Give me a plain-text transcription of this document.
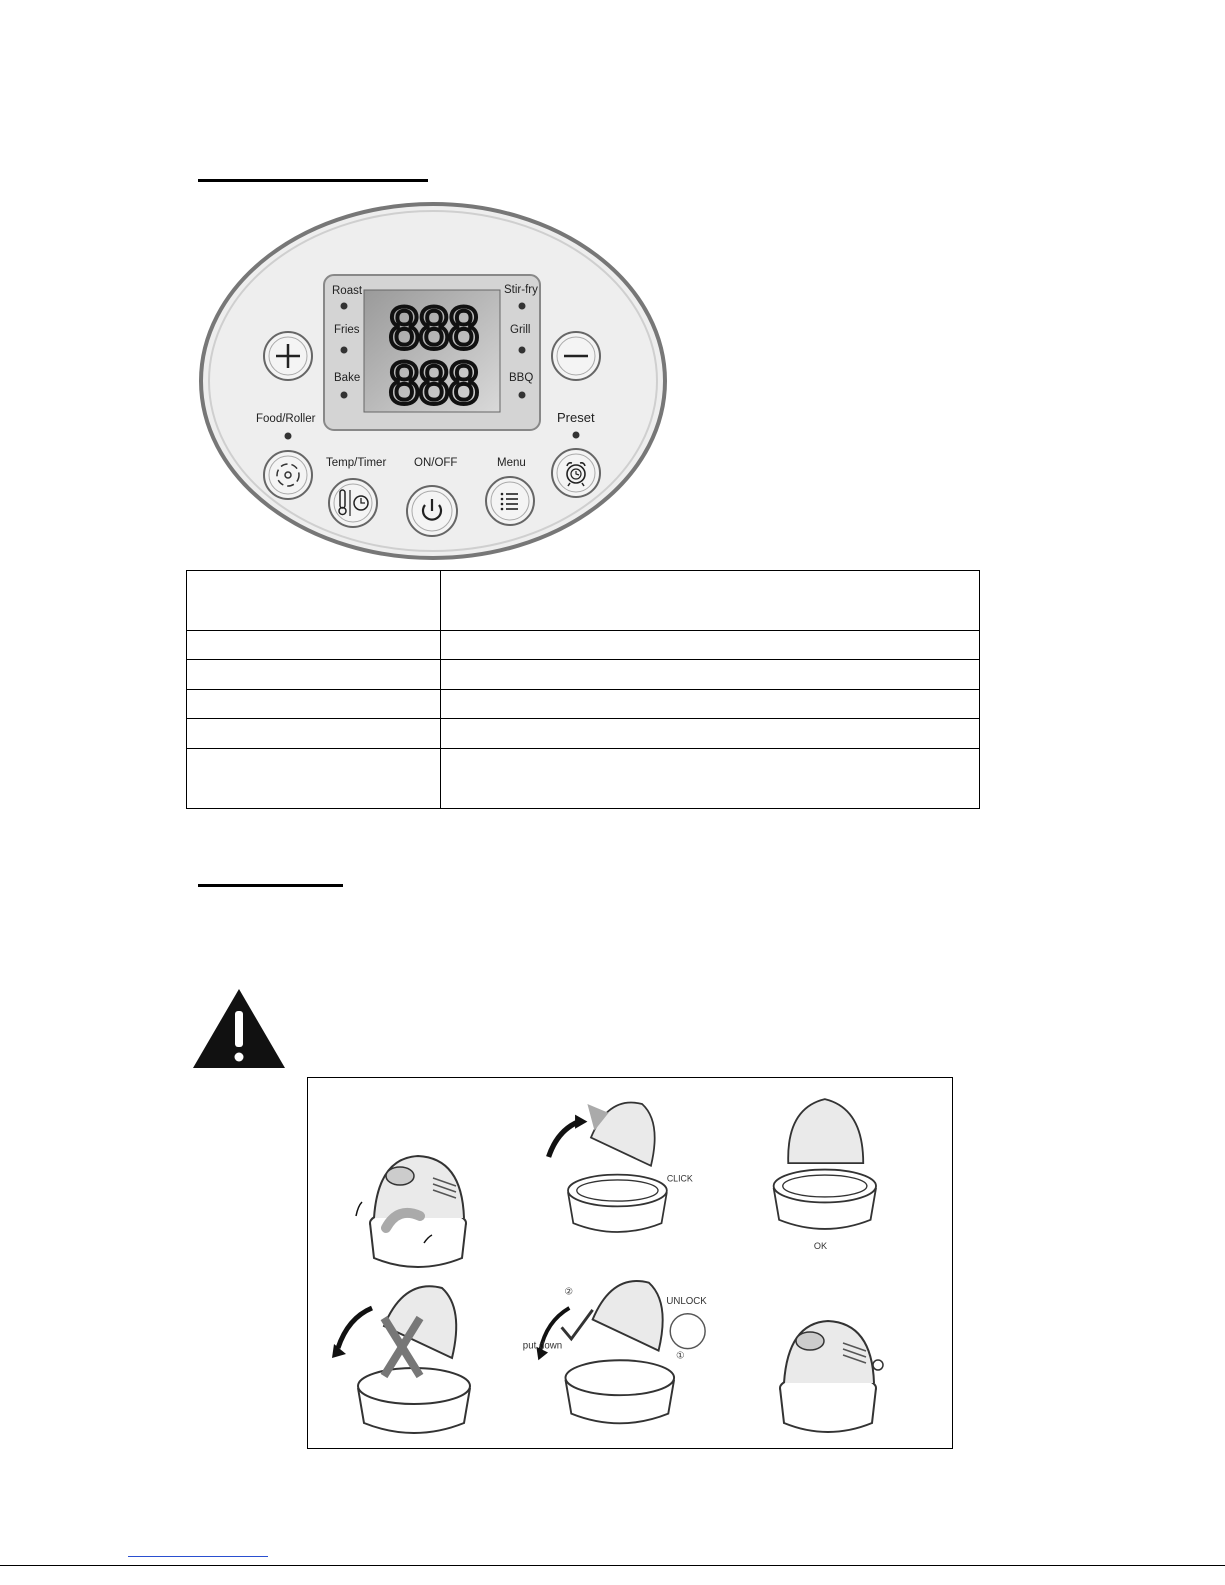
Roast
Fries
Bake
Stir-fry
Grill
BBQ
888
888
Food/Roller
Temp/Timer ON/OFF	Menu
Preset

CLICK
OK
②
put down
UNLOCK
①
